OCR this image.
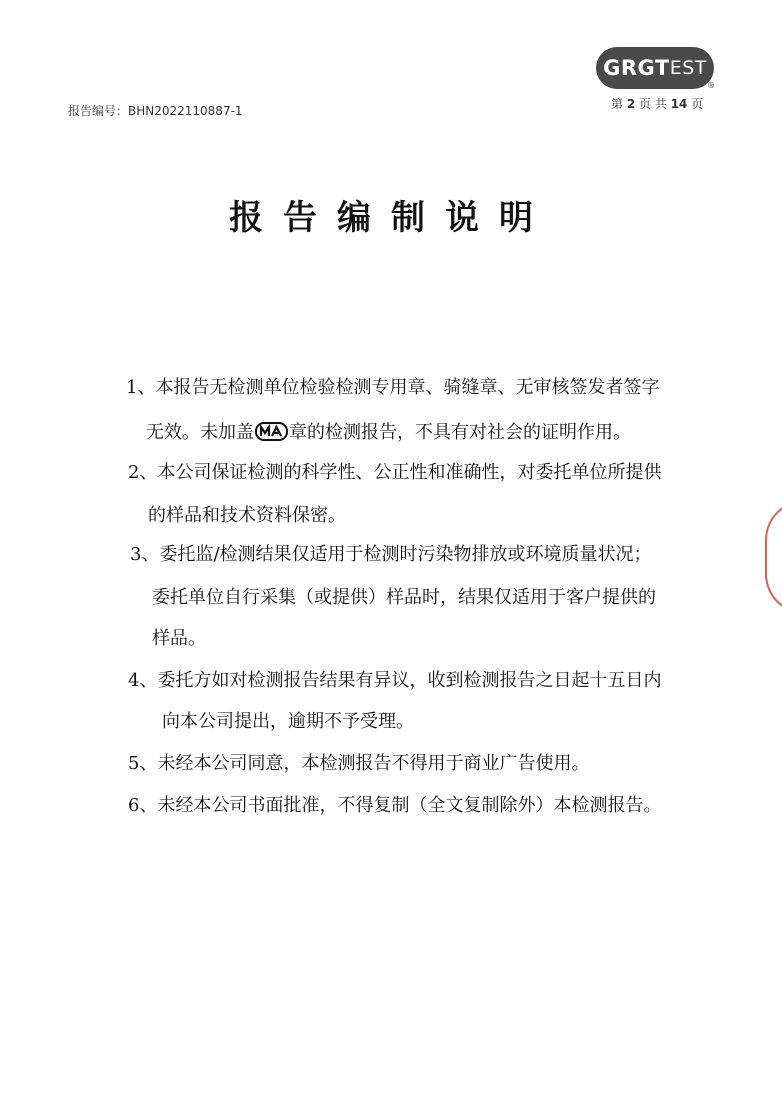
GRGT EST
®
报告编号：BHN2022110887-1	第 2 页 共 14 页
报告编制说明
1、本报告无检测单位检验检测专用章、骑缝章、无审核签发者签字
无效。未加盖 章的检测报告，不具有对社会的证明作用。
2、本公司保证检测的科学性、公正性和准确性，对委托单位所提供
的样品和技术资料保密。
3、委托监/检测结果仅适用于检测时污染物排放或环境质量状况；
委托单位自行采集（或提供）样品时，结果仅适用于客户提供的
样品。
4、委托方如对检测报告结果有异议，收到检测报告之日起十五日内
向本公司提出，逾期不予受理。
5、未经本公司同意，本检测报告不得用于商业广告使用。
6、未经本公司书面批准，不得复制（全文复制除外）本检测报告。
